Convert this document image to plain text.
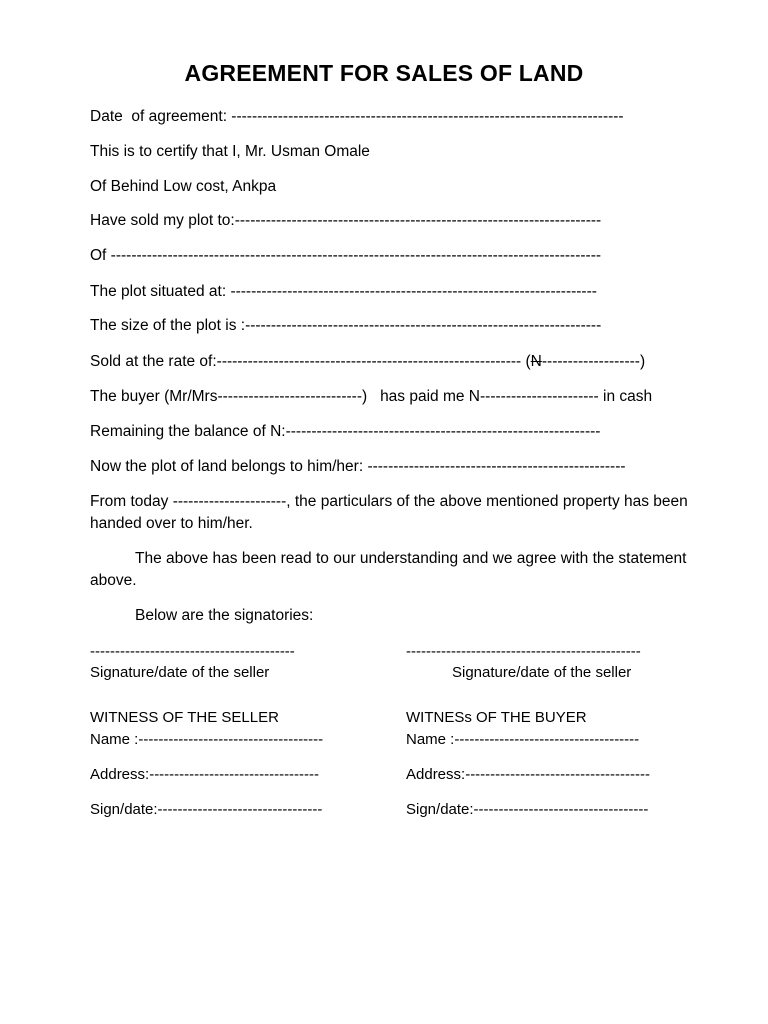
AGREEMENT FOR SALES OF LAND
Date  of agreement: ----------------------------------------------------------------------------
This is to certify that I, Mr. Usman Omale
Of Behind Low cost, Ankpa
Have sold my plot to:-----------------------------------------------------------------------
Of -----------------------------------------------------------------------------------------------
The plot situated at: -----------------------------------------------------------------------
The size of the plot is :---------------------------------------------------------------------
Sold at the rate of:----------------------------------------------------------- (N-------------------)
The buyer (Mr/Mrs----------------------------)   has paid me N----------------------- in cash
Remaining the balance of N:-------------------------------------------------------------
Now the plot of land belongs to him/her: --------------------------------------------------
From today ----------------------, the particulars of the above mentioned property has been handed over to him/her.
The above has been read to our understanding and we agree with the statement above.
Below are the signatories:
-----------------------------------------	-----------------------------------------------
Signature/date of the seller	Signature/date of the seller
WITNESS OF THE SELLER
Name :-------------------------------------
Address:----------------------------------
Sign/date:---------------------------------
WITNESs OF THE BUYER
Name :-------------------------------------
Address:-------------------------------------
Sign/date:-----------------------------------
